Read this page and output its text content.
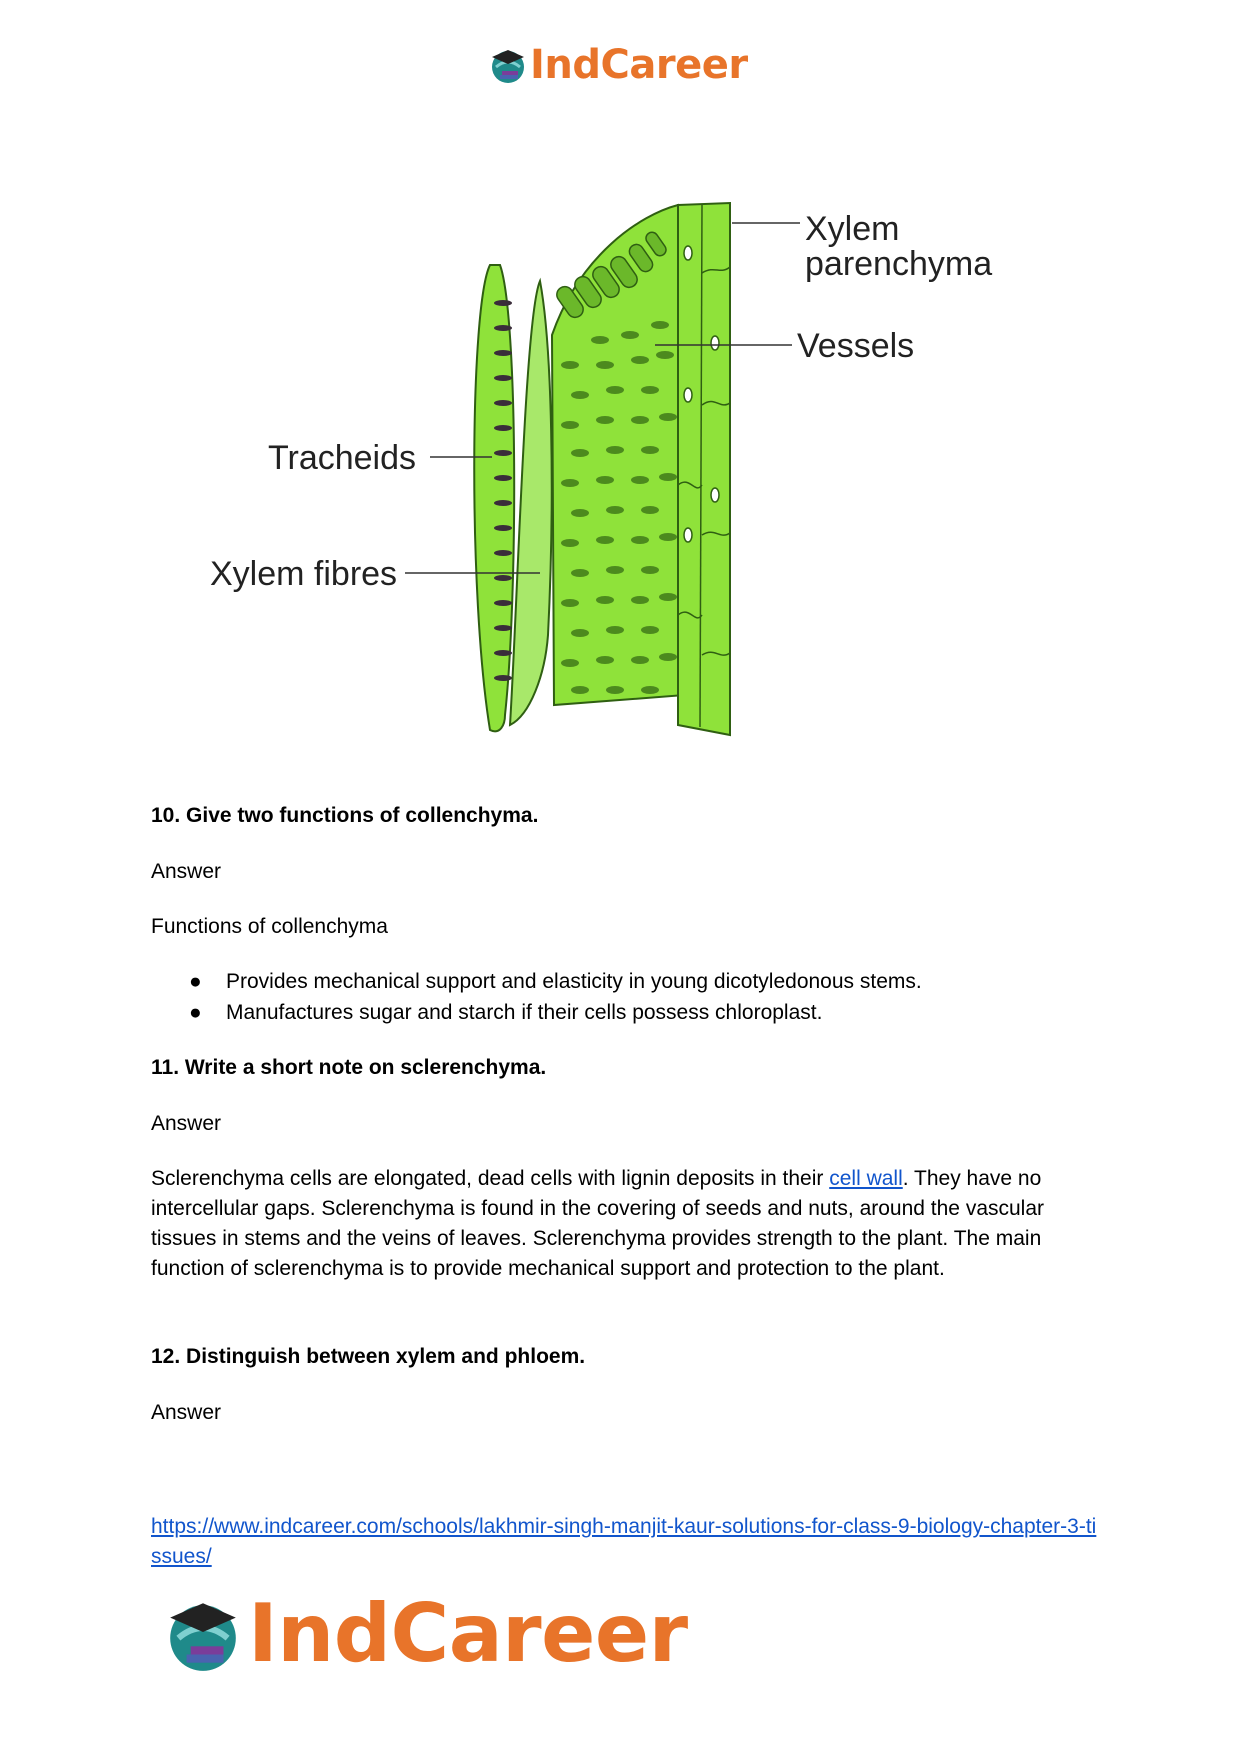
IndCareer
Xylem
parenchyma
Vessels
Tracheids
Xylem fibres
10. Give two functions of collenchyma.
Answer
Functions of collenchyma
● Provides mechanical support and elasticity in young dicotyledonous stems.
● Manufactures sugar and starch if their cells possess chloroplast.
11. Write a short note on sclerenchyma.
Answer
Sclerenchyma cells are elongated, dead cells with lignin deposits in their cell wall. They have no intercellular gaps. Sclerenchyma is found in the covering of seeds and nuts, around the vascular tissues in stems and the veins of leaves. Sclerenchyma provides strength to the plant. The main function of sclerenchyma is to provide mechanical support and protection to the plant.
12. Distinguish between xylem and phloem.
Answer
https://www.indcareer.com/schools/lakhmir-singh-manjit-kaur-solutions-for-class-9-biology-chapter-3-tissues/
IndCareer
